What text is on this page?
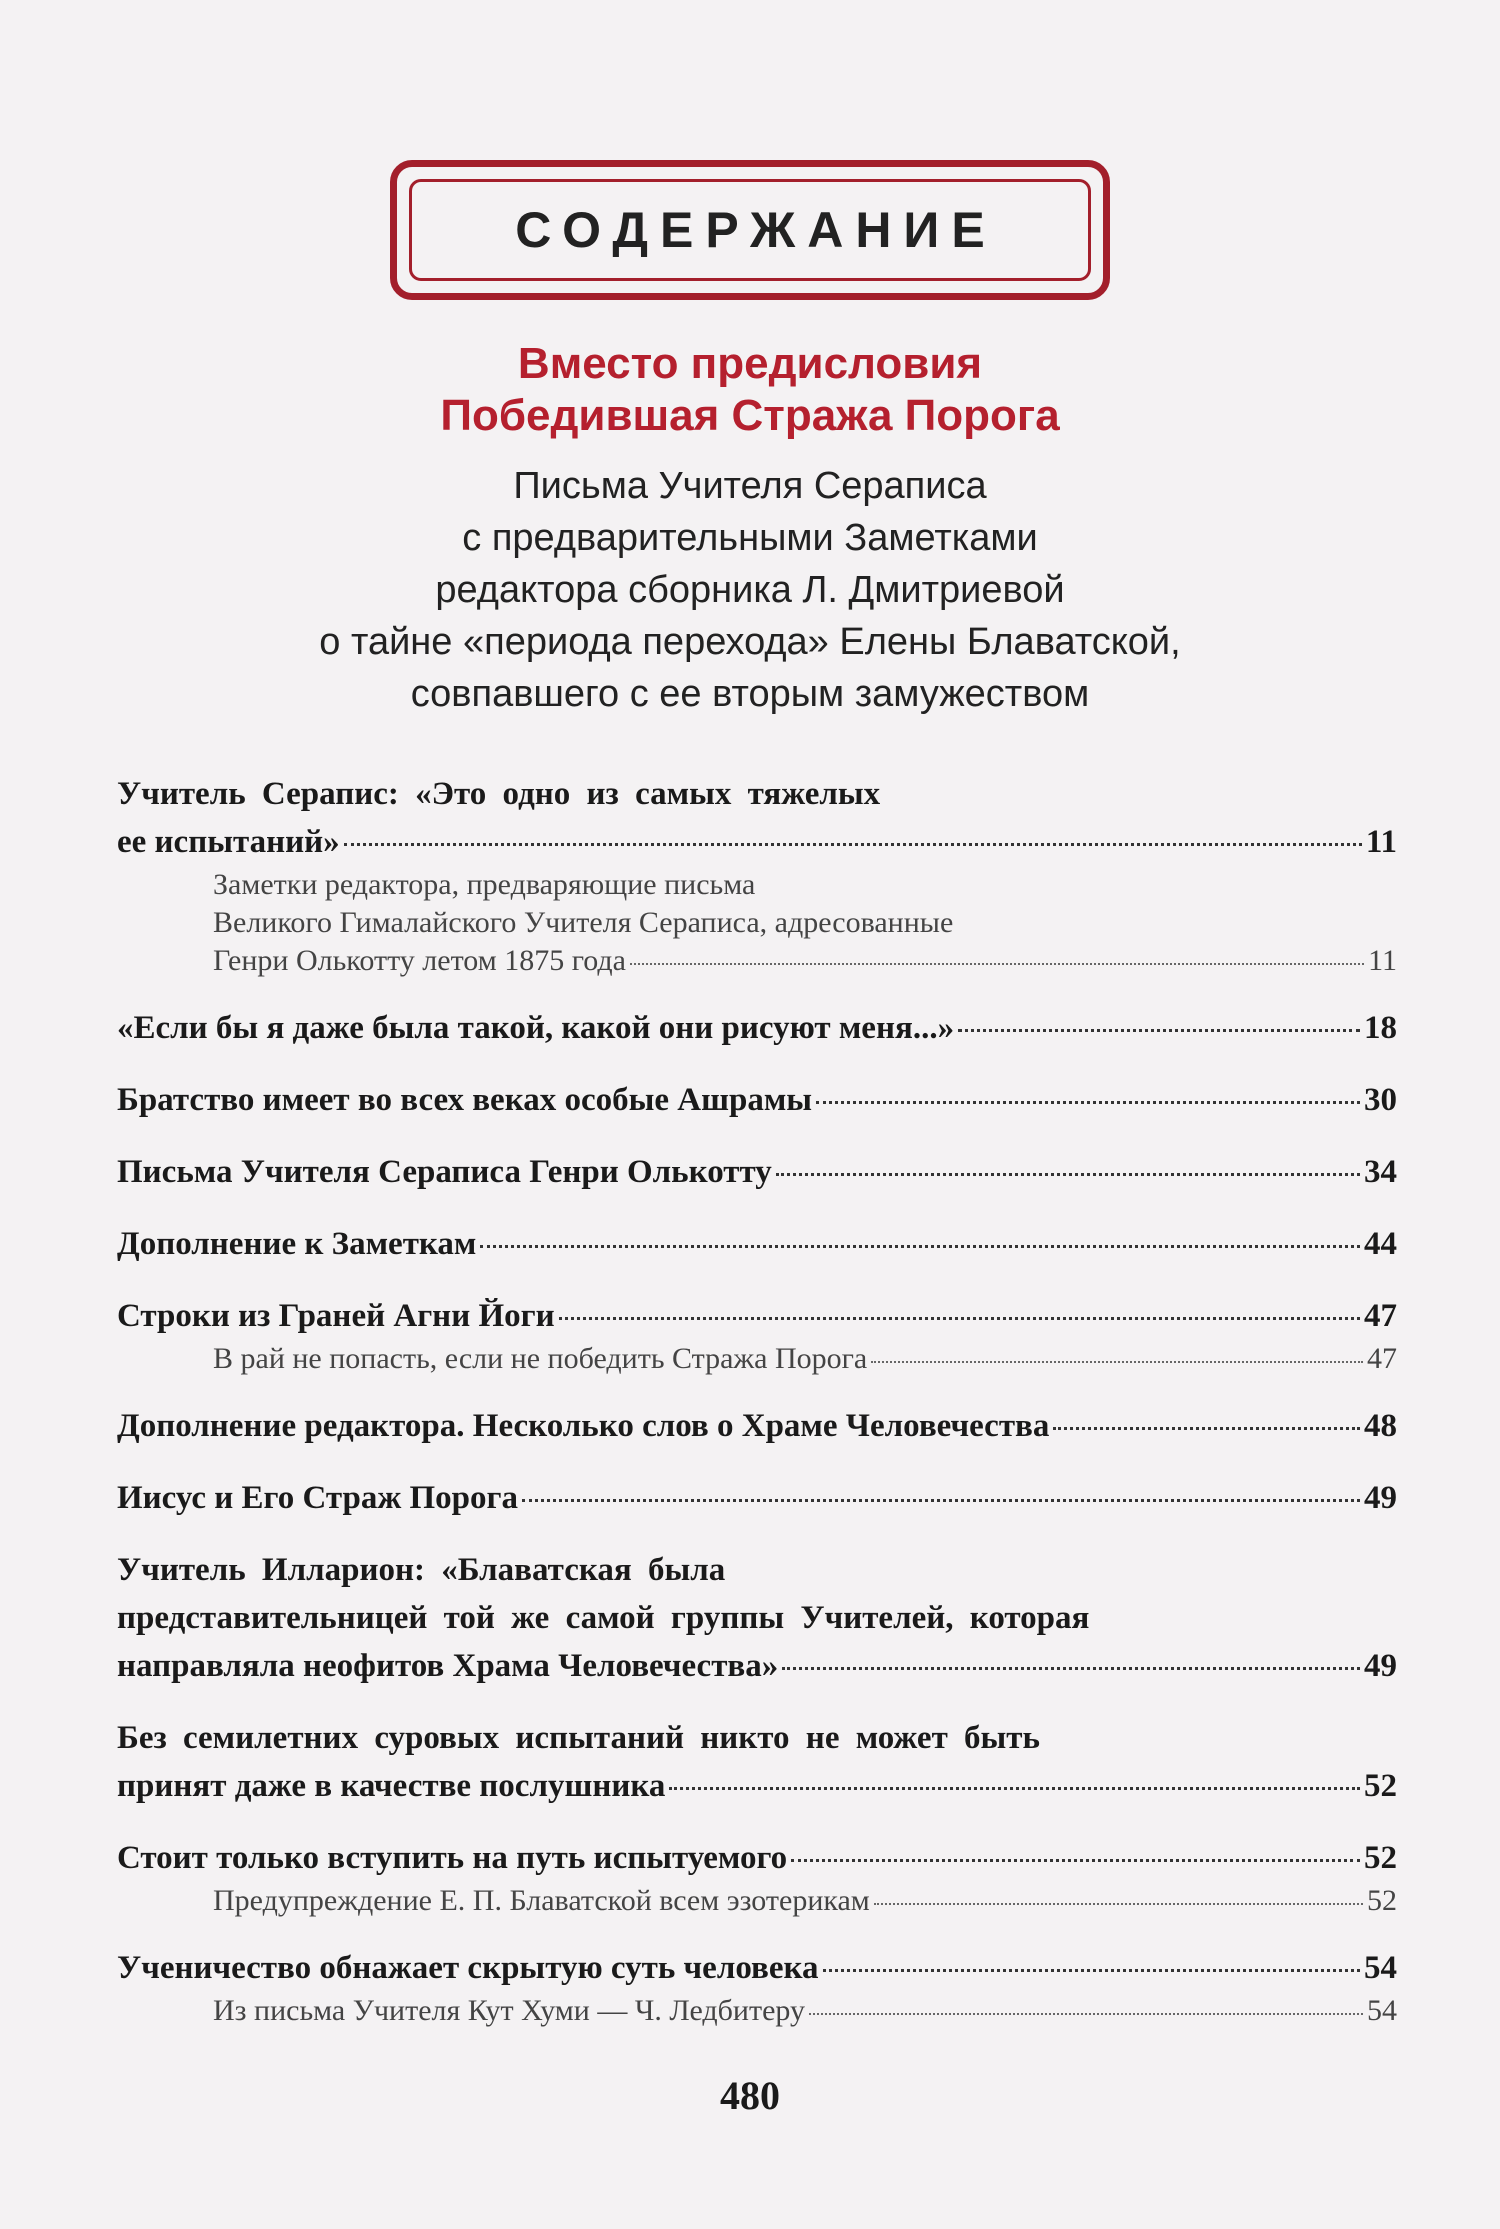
СОДЕРЖАНИЕ
Вместо предисловия
Победившая Стража Порога
Письма Учителя Сераписа
с предварительными Заметками
редактора сборника Л. Дмитриевой
о тайне «периода перехода» Елены Блаватской,
совпавшего с ее вторым замужеством
Учитель Серапис: «Это одно из самых тяжелых
ее испытаний»	11
Заметки редактора, предваряющие письма
Великого Гималайского Учителя Сераписа, адресованные
Генри Олькотту летом 1875 года	11
«Если бы я даже была такой, какой они рисуют меня...»	18
Братство имеет во всех веках особые Ашрамы	30
Письма Учителя Сераписа Генри Олькотту	34
Дополнение к Заметкам	44
Строки из Граней Агни Йоги	47
В рай не попасть, если не победить Стража Порога	47
Дополнение редактора. Несколько слов о Храме Человечества	48
Иисус и Его Страж Порога	49
Учитель Илларион: «Блаватская была
представительницей той же самой группы Учителей, которая
направляла неофитов Храма Человечества»	49
Без семилетних суровых испытаний никто не может быть
принят даже в качестве послушника	52
Стоит только вступить на путь испытуемого	52
Предупреждение Е. П. Блаватской всем эзотерикам	52
Ученичество обнажает скрытую суть человека	54
Из письма Учителя Кут Хуми — Ч. Ледбитеру	54
480
